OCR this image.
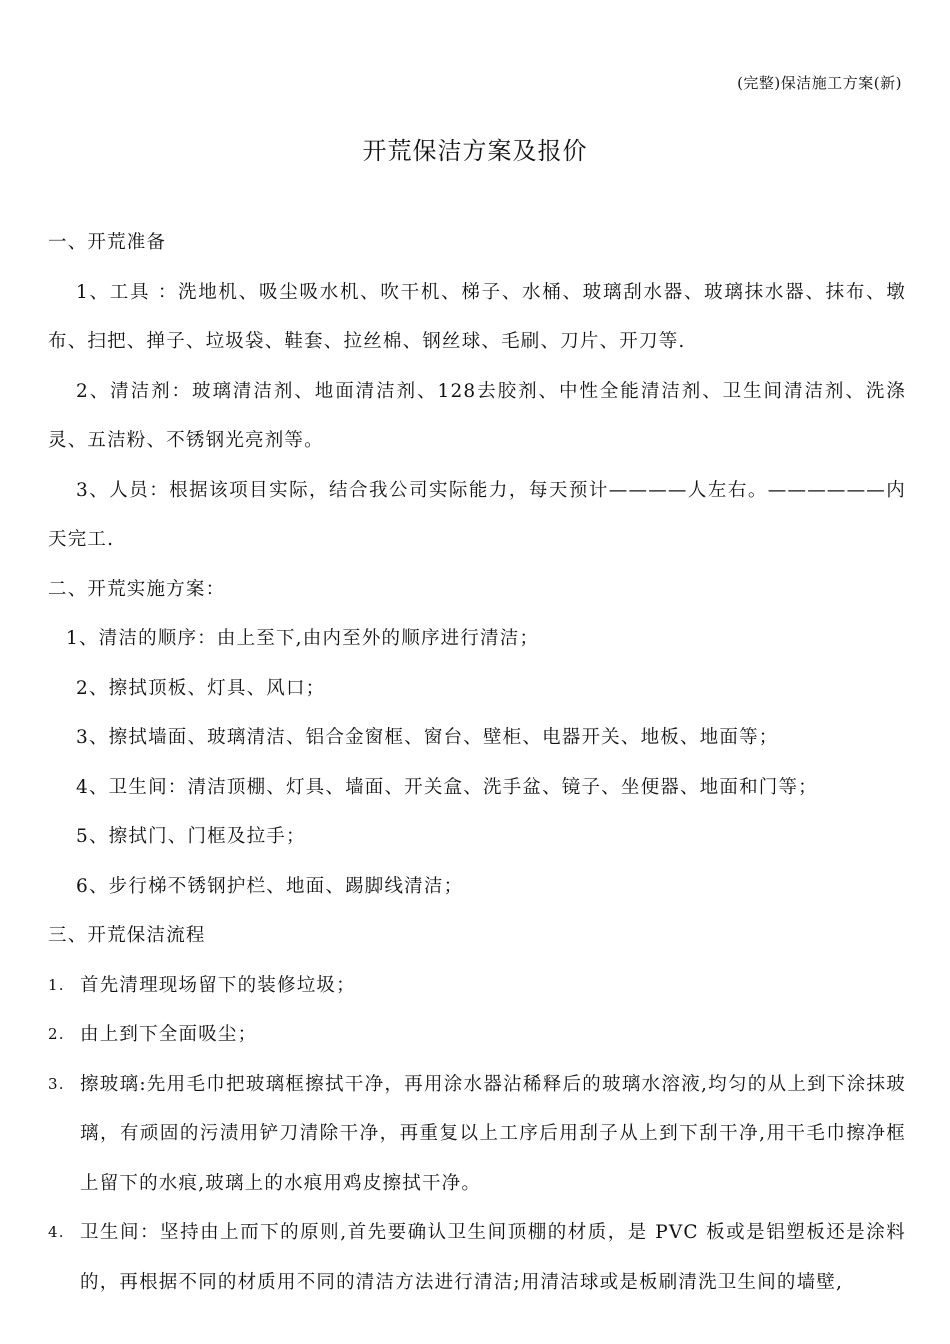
(完整)保洁施工方案(新)
开荒保洁方案及报价

一、开荒准备

1、工具 ：洗地机、吸尘吸水机、吹干机、梯子、水桶、玻璃刮水器、玻璃抹水器、抹布、墩布、扫把、掸子、垃圾袋、鞋套、拉丝棉、钢丝球、毛刷、刀片、开刀等.

2、清洁剂：玻璃清洁剂、地面清洁剂、128去胶剂、中性全能清洁剂、卫生间清洁剂、洗涤灵、五洁粉、不锈钢光亮剂等。

3、人员：根据该项目实际，结合我公司实际能力，每天预计————人左右。——————内天完工.

二、开荒实施方案：

1、清洁的顺序：由上至下,由内至外的顺序进行清洁；

2、擦拭顶板、灯具、风口；

3、擦拭墙面、玻璃清洁、铝合金窗框、窗台、壁柜、电器开关、地板、地面等；

4、卫生间：清洁顶棚、灯具、墙面、开关盒、洗手盆、镜子、坐便器、地面和门等；

5、擦拭门、门框及拉手；

6、步行梯不锈钢护栏、地面、踢脚线清洁；

三、开荒保洁流程

1. 首先清理现场留下的装修垃圾；
2. 由上到下全面吸尘；
3. 擦玻璃:先用毛巾把玻璃框擦拭干净，再用涂水器沾稀释后的玻璃水溶液,均匀的从上到下涂抹玻璃，有顽固的污渍用铲刀清除干净，再重复以上工序后用刮子从上到下刮干净,用干毛巾擦净框上留下的水痕,玻璃上的水痕用鸡皮擦拭干净。
4. 卫生间：坚持由上而下的原则,首先要确认卫生间顶棚的材质，是 PVC 板或是铝塑板还是涂料的，再根据不同的材质用不同的清洁方法进行清洁;用清洁球或是板刷清洗卫生间的墙壁,
